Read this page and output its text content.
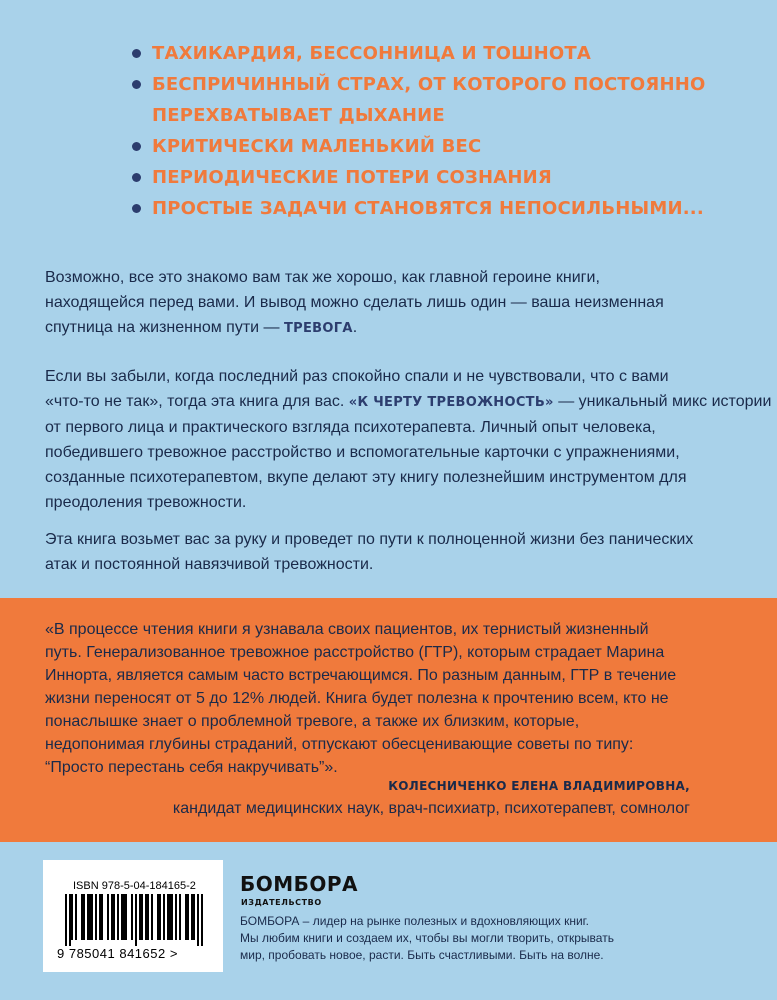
ТАХИКАРДИЯ, БЕССОННИЦА И ТОШНОТА
БЕСПРИЧИННЫЙ СТРАХ, ОТ КОТОРОГО ПОСТОЯННО
ПЕРЕХВАТЫВАЕТ ДЫХАНИЕ
КРИТИЧЕСКИ МАЛЕНЬКИЙ ВЕС
ПЕРИОДИЧЕСКИЕ ПОТЕРИ СОЗНАНИЯ
ПРОСТЫЕ ЗАДАЧИ СТАНОВЯТСЯ НЕПОСИЛЬНЫМИ...
Возможно, все это знакомо вам так же хорошо, как главной героине книги,
находящейся перед вами. И вывод можно сделать лишь один — ваша неизменная
спутница на жизненном пути — ТРЕВОГА.
Если вы забыли, когда последний раз спокойно спали и не чувствовали, что с вами
«что-то не так», тогда эта книга для вас. «К ЧЕРТУ ТРЕВОЖНОСТЬ» — уникальный микс истории
от первого лица и практического взгляда психотерапевта. Личный опыт человека,
победившего тревожное расстройство и вспомогательные карточки с упражнениями,
созданные психотерапевтом, вкупе делают эту книгу полезнейшим инструментом для
преодоления тревожности.
Эта книга возьмет вас за руку и проведет по пути к полноценной жизни без панических
атак и постоянной навязчивой тревожности.
«В процессе чтения книги я узнавала своих пациентов, их тернистый жизненный
путь. Генерализованное тревожное расстройство (ГТР), которым страдает Марина
Иннорта, является самым часто встречающимся. По разным данным, ГТР в течение
жизни переносят от 5 до 12% людей. Книга будет полезна к прочтению всем, кто не
понаслышке знает о проблемной тревоге, а также их близким, которые,
недопонимая глубины страданий, отпускают обесценивающие советы по типу:
“Просто перестань себя накручивать”».
КОЛЕСНИЧЕНКО ЕЛЕНА ВЛАДИМИРОВНА,
кандидат медицинских наук, врач-психиатр, психотерапевт, сомнолог
ISBN 978-5-04-184165-2
9 785041 841652 >
БОМБОРА
ИЗДАТЕЛЬСТВО
БОМБОРА – лидер на рынке полезных и вдохновляющих книг.
Мы любим книги и создаем их, чтобы вы могли творить, открывать
мир, пробовать новое, расти. Быть счастливыми. Быть на волне.
